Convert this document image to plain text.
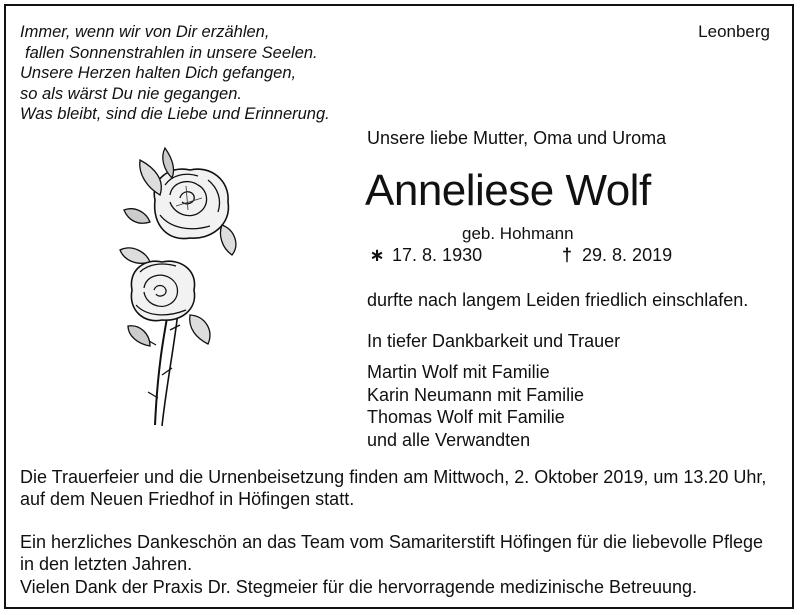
Immer, wenn wir von Dir erzählen,
fallen Sonnenstrahlen in unsere Seelen.
Unsere Herzen halten Dich gefangen,
so als wärst Du nie gegangen.
Was bleibt, sind die Liebe und Erinnerung.
Leonberg
Unsere liebe Mutter, Oma und Uroma
Anneliese Wolf
geb. Hohmann
∗ 17. 8. 1930	† 29. 8. 2019
durfte nach langem Leiden friedlich einschlafen.
In tiefer Dankbarkeit und Trauer
Martin Wolf mit Familie
Karin Neumann mit Familie
Thomas Wolf mit Familie
und alle Verwandten
Die Trauerfeier und die Urnenbeisetzung finden am Mittwoch, 2. Oktober 2019, um 13.20 Uhr, auf dem Neuen Friedhof in Höfingen statt.
Ein herzliches Dankeschön an das Team vom Samariterstift Höfingen für die liebevolle Pflege in den letzten Jahren.
Vielen Dank der Praxis Dr. Stegmeier für die hervorragende medizinische Betreuung.
